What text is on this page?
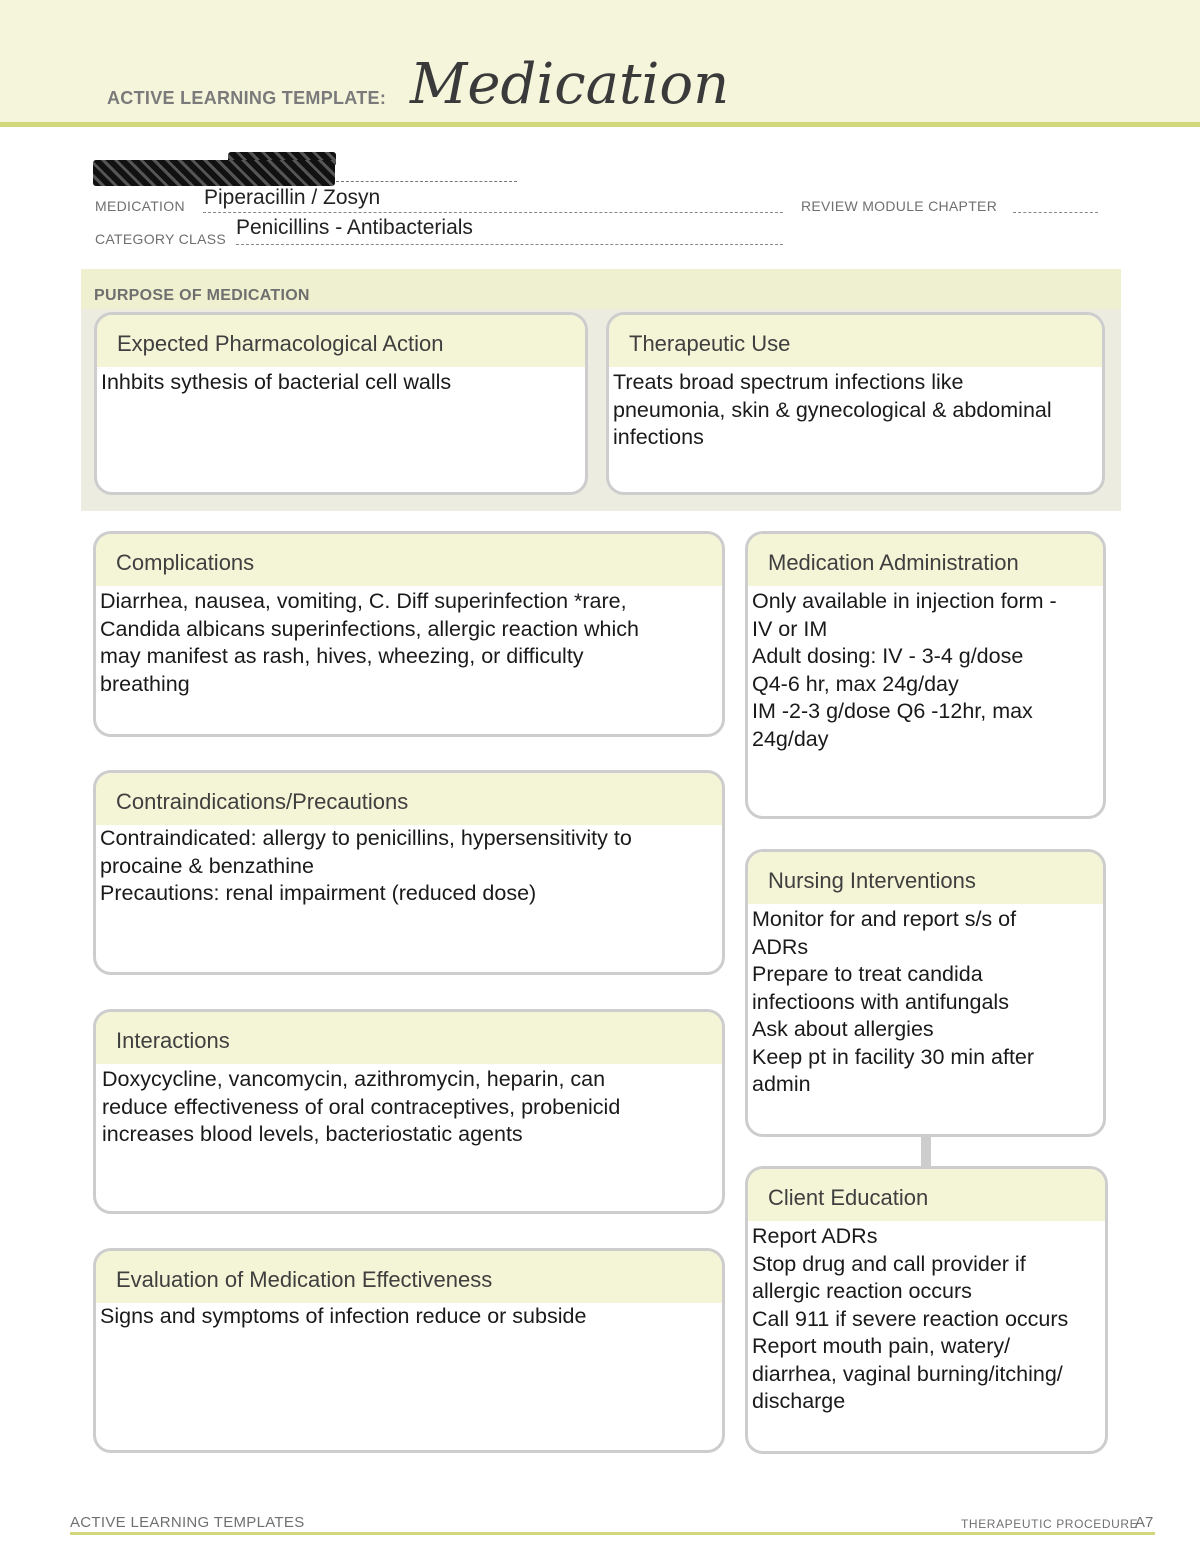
ACTIVE LEARNING TEMPLATE: Medication
MEDICATION Piperacillin / Zosyn	REVIEW MODULE CHAPTER
CATEGORY CLASS Penicillins - Antibacterials
PURPOSE OF MEDICATION
Expected Pharmacological Action
Inhbits sythesis of bacterial cell walls
Therapeutic Use
Treats broad spectrum infections like
pneumonia, skin & gynecological & abdominal
infections
Complications
Diarrhea, nausea, vomiting, C. Diff superinfection *rare,
Candida albicans superinfections, allergic reaction which
may manifest as rash, hives, wheezing, or difficulty
breathing
Medication Administration
Only available in injection form -
IV or IM
Adult dosing: IV - 3-4 g/dose
Q4-6 hr, max 24g/day
IM -2-3 g/dose Q6 -12hr, max
24g/day
Contraindications/Precautions
Contraindicated: allergy to penicillins, hypersensitivity to
procaine & benzathine
Precautions: renal impairment (reduced dose)	Nursing Interventions
Monitor for and report s/s of
ADRs
Prepare to treat candida
infectioons with antifungals
Ask about allergies
Keep pt in facility 30 min after
admin
Interactions
Doxycycline, vancomycin, azithromycin, heparin, can
reduce effectiveness of oral contraceptives, probenicid
increases blood levels, bacteriostatic agents
Client Education
Report ADRs
Stop drug and call provider if
allergic reaction occurs
Call 911 if severe reaction occurs
Report mouth pain, watery/
diarrhea, vaginal burning/itching/
discharge
Evaluation of Medication Effectiveness
Signs and symptoms of infection reduce or subside
ACTIVE LEARNING TEMPLATES	THERAPEUTIC PROCEDURE
A7
